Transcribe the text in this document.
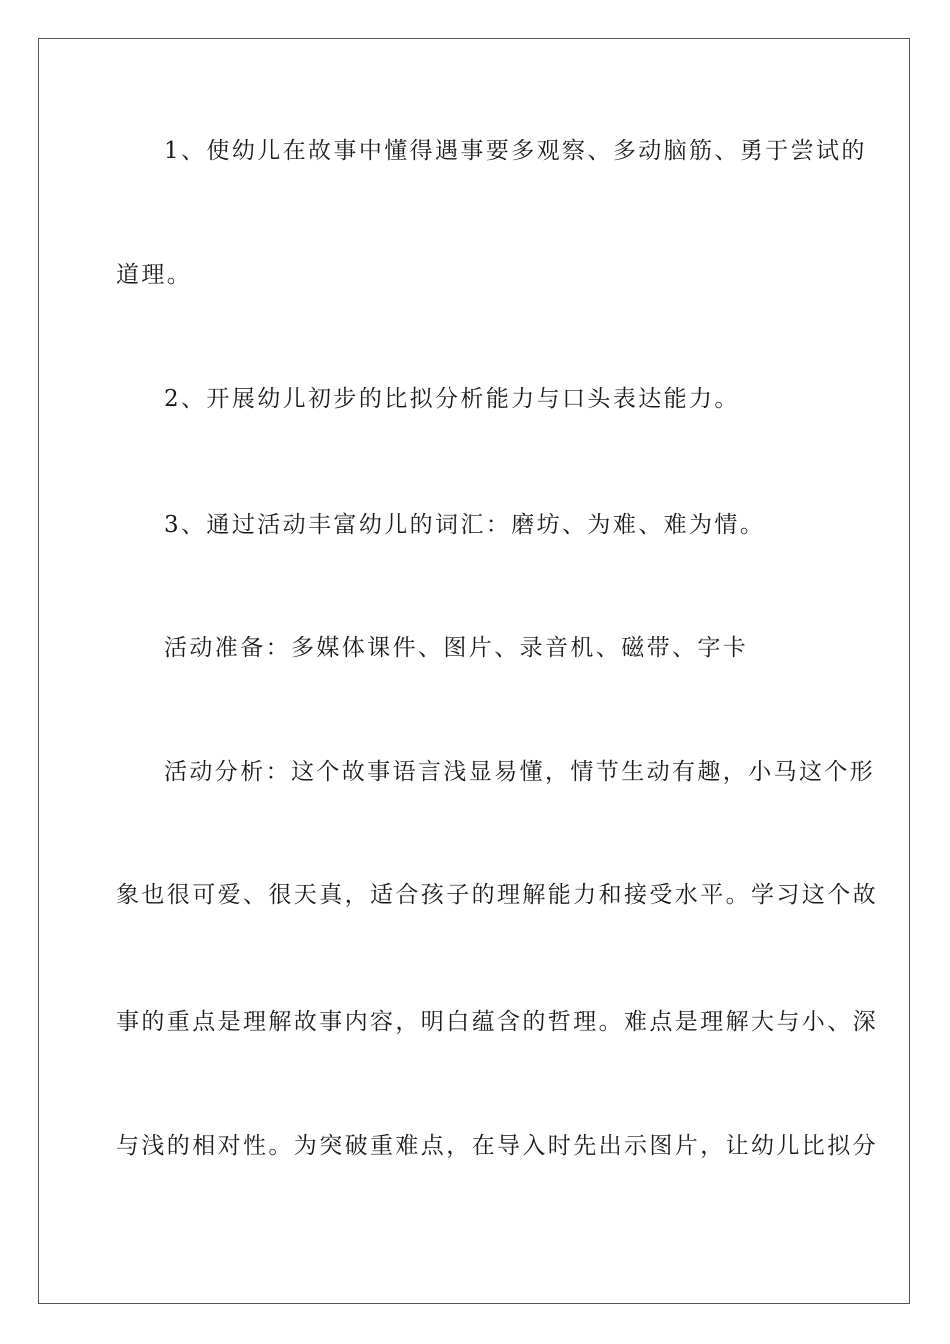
1、使幼儿在故事中懂得遇事要多观察、多动脑筋、勇于尝试的
道理。
2、开展幼儿初步的比拟分析能力与口头表达能力。
3、通过活动丰富幼儿的词汇：磨坊、为难、难为情。
活动准备：多媒体课件、图片、录音机、磁带、字卡
活动分析：这个故事语言浅显易懂，情节生动有趣，小马这个形
象也很可爱、很天真，适合孩子的理解能力和接受水平。学习这个故
事的重点是理解故事内容，明白蕴含的哲理。难点是理解大与小、深
与浅的相对性。为突破重难点，在导入时先出示图片，让幼儿比拟分
